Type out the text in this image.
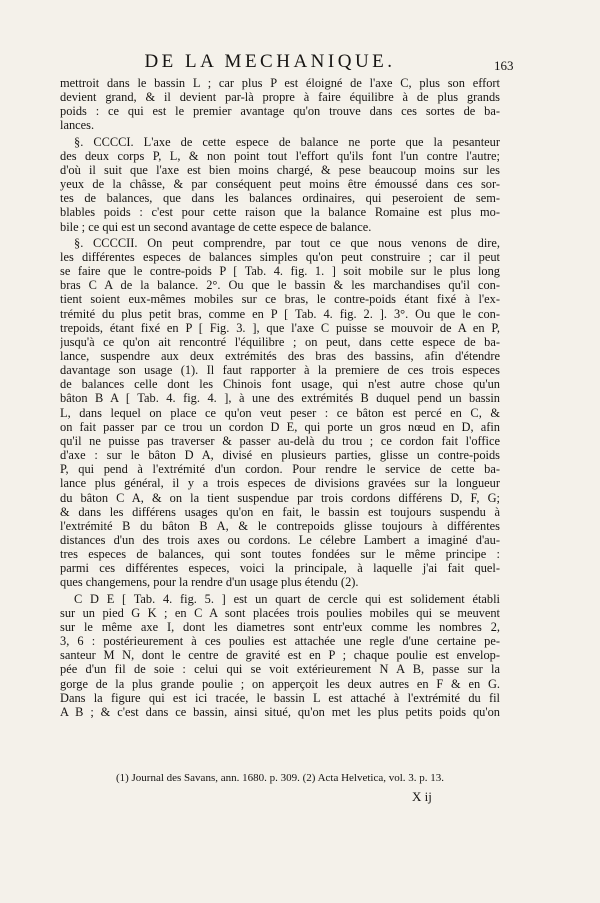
DE LA MECHANIQUE.	163

mettroit dans le bassin L ; car plus P est éloigné de l'axe C, plus son effort
devient grand, & il devient par-là propre à faire équilibre à de plus grands
poids : ce qui est le premier avantage qu'on trouve dans ces sortes de ba-
lances.

§. CCCCI. L'axe de cette espece de balance ne porte que la pesanteur
des deux corps P, L, & non point tout l'effort qu'ils font l'un contre l'autre;
d'où il suit que l'axe est bien moins chargé, & pese beaucoup moins sur les
yeux de la châsse, & par conséquent peut moins être émoussé dans ces sor-
tes de balances, que dans les balances ordinaires, qui peseroient de sem-
blables poids : c'est pour cette raison que la balance Romaine est plus mo-
bile ; ce qui est un second avantage de cette espece de balance.

§. CCCCII. On peut comprendre, par tout ce que nous venons de dire,
les différentes especes de balances simples qu'on peut construire ; car il peut
se faire que le contre-poids P [ Tab. 4. fig. 1. ] soit mobile sur le plus long
bras C A de la balance. 2°. Ou que le bassin & les marchandises qu'il con-
tient soient eux-mêmes mobiles sur ce bras, le contre-poids étant fixé à l'ex-
trémité du plus petit bras, comme en P [ Tab. 4. fig. 2. ]. 3°. Ou que le con-
trepoids, étant fixé en P [ Fig. 3. ], que l'axe C puisse se mouvoir de A en P,
jusqu'à ce qu'on ait rencontré l'équilibre ; on peut, dans cette espece de ba-
lance, suspendre aux deux extrémités des bras des bassins, afin d'étendre
davantage son usage (1). Il faut rapporter à la premiere de ces trois especes
de balances celle dont les Chinois font usage, qui n'est autre chose qu'un
bâton B A [ Tab. 4. fig. 4. ], à une des extrémités B duquel pend un bassin
L, dans lequel on place ce qu'on veut peser : ce bâton est percé en C, &
on fait passer par ce trou un cordon D E, qui porte un gros nœud en D, afin
qu'il ne puisse pas traverser & passer au-delà du trou ; ce cordon fait l'office
d'axe : sur le bâton D A, divisé en plusieurs parties, glisse un contre-poids
P, qui pend à l'extrémité d'un cordon. Pour rendre le service de cette ba-
lance plus général, il y a trois especes de divisions gravées sur la longueur
du bâton C A, & on la tient suspendue par trois cordons différens D, F, G;
& dans les différens usages qu'on en fait, le bassin est toujours suspendu à
l'extrémité B du bâton B A, & le contrepoids glisse toujours à différentes
distances d'un des trois axes ou cordons. Le célebre Lambert a imaginé d'au-
tres especes de balances, qui sont toutes fondées sur le même principe :
parmi ces différentes especes, voici la principale, à laquelle j'ai fait quel-
ques changemens, pour la rendre d'un usage plus étendu (2).

C D E [ Tab. 4. fig. 5. ] est un quart de cercle qui est solidement établi
sur un pied G K ; en C A sont placées trois poulies mobiles qui se meuvent
sur le même axe I, dont les diametres sont entr'eux comme les nombres 2,
3, 6 : postérieurement à ces poulies est attachée une regle d'une certaine pe-
santeur M N, dont le centre de gravité est en P ; chaque poulie est envelop-
pée d'un fil de soie : celui qui se voit extérieurement N A B, passe sur la
gorge de la plus grande poulie ; on apperçoit les deux autres en F & en G.
Dans la figure qui est ici tracée, le bassin L est attaché à l'extrémité du fil
A B ; & c'est dans ce bassin, ainsi situé, qu'on met les plus petits poids qu'on

(1) Journal des Savans, ann. 1680. p. 309. (2) Acta Helvetica, vol. 3. p. 13.
X ij
